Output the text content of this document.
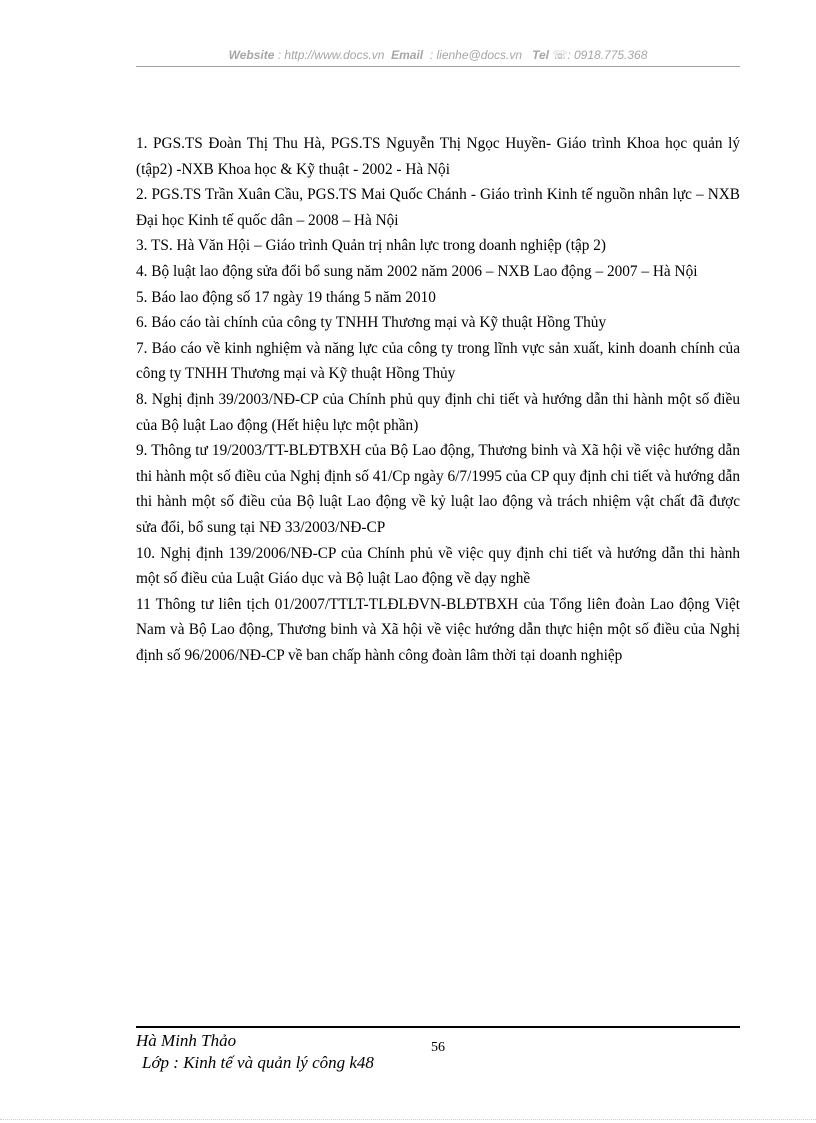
Website : http://www.docs.vn Email : lienhe@docs.vn Tel ☏: 0918.775.368

1. PGS.TS Đoàn Thị Thu Hà, PGS.TS Nguyễn Thị Ngọc Huyền- Giáo trình Khoa học quản lý (tập2) -NXB Khoa học & Kỹ thuật - 2002 - Hà Nội

2. PGS.TS Trần Xuân Cầu, PGS.TS Mai Quốc Chánh - Giáo trình Kinh tế nguồn nhân lực – NXB Đại học Kinh tế quốc dân – 2008 – Hà Nội

3. TS. Hà Văn Hội – Giáo trình Quản trị nhân lực trong doanh nghiệp (tập 2)

4. Bộ luật lao động sửa đổi bổ sung năm 2002 năm 2006 – NXB Lao động – 2007 – Hà Nội

5. Báo lao động số 17 ngày 19 tháng 5 năm 2010

6. Báo cáo tài chính của công ty TNHH Thương mại và Kỹ thuật Hồng Thủy

7. Báo cáo về kinh nghiệm và năng lực của công ty trong lĩnh vực sản xuất, kinh doanh chính của công ty TNHH Thương mại và Kỹ thuật Hồng Thủy

8. Nghị định 39/2003/NĐ-CP của Chính phủ quy định chi tiết và hướng dẫn thi hành một số điều của Bộ luật Lao động (Hết hiệu lực một phần)

9. Thông tư 19/2003/TT-BLĐTBXH của Bộ Lao động, Thương binh và Xã hội về việc hướng dẫn thi hành một số điều của Nghị định số 41/Cp ngày 6/7/1995 của CP quy định chi tiết và hướng dẫn thi hành một số điều của Bộ luật Lao động về kỷ luật lao động và trách nhiệm vật chất đã được sửa đổi, bổ sung tại NĐ 33/2003/NĐ-CP

10. Nghị định 139/2006/NĐ-CP của Chính phủ về việc quy định chi tiết và hướng dẫn thi hành một số điều của Luật Giáo dục và Bộ luật Lao động về dạy nghề

11 Thông tư liên tịch 01/2007/TTLT-TLĐLĐVN-BLĐTBXH của Tổng liên đoàn Lao động Việt Nam và Bộ Lao động, Thương binh và Xã hội về việc hướng dẫn thực hiện một số điều của Nghị định số 96/2006/NĐ-CP về ban chấp hành công đoàn lâm thời tại doanh nghiệp

Hà Minh Thảo
Lớp : Kinh tế và quản lý công k48
56
